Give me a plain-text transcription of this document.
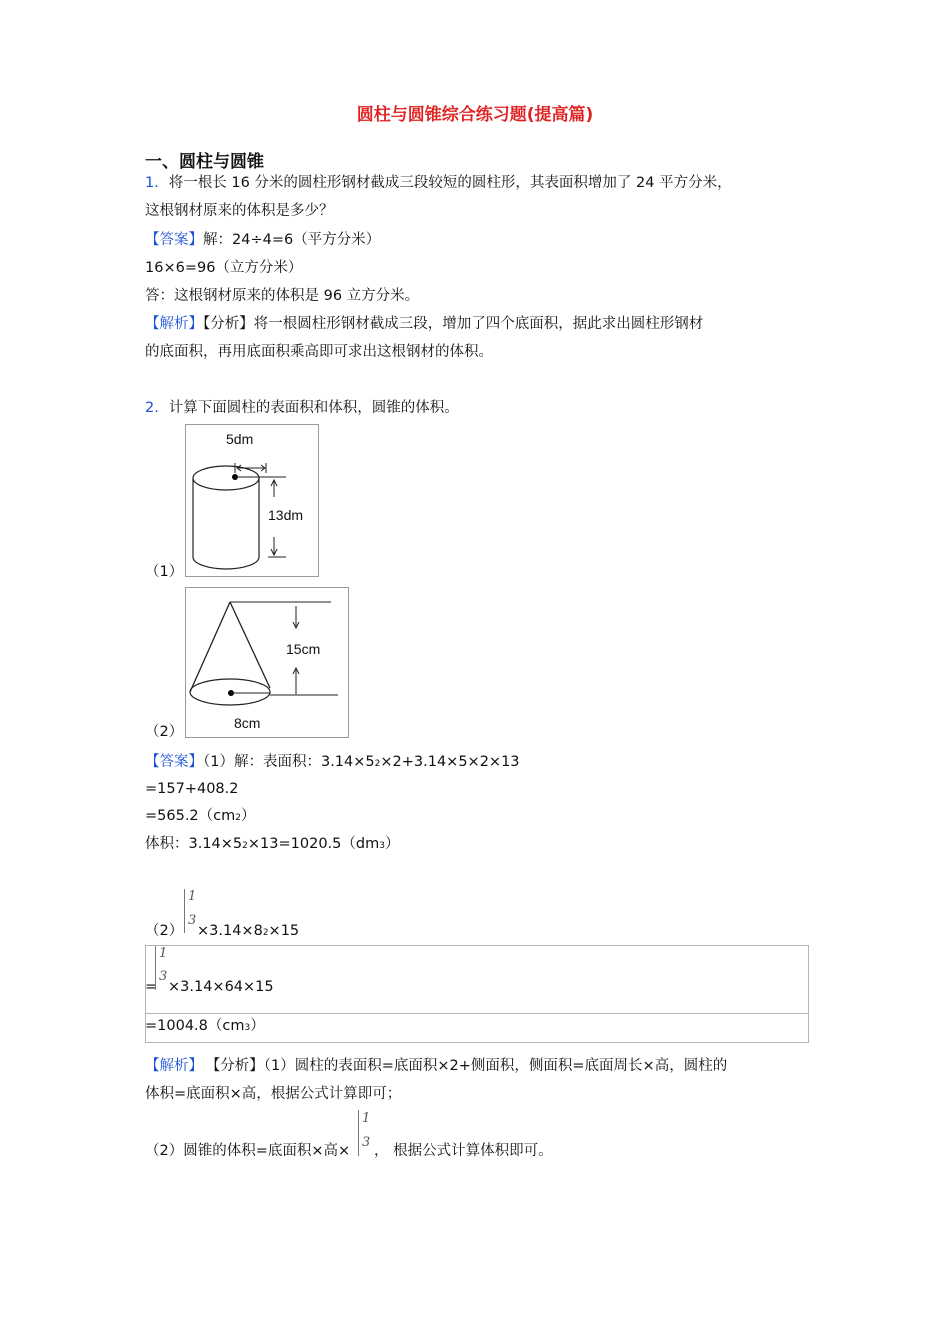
圆柱与圆锥综合练习题(提高篇)
一、圆柱与圆锥
1．将一根长 16 分米的圆柱形钢材截成三段较短的圆柱形，其表面积增加了 24 平方分米，
这根钢材原来的体积是多少？
【答案】解：24÷4=6（平方分米）
16×6=96（立方分米）
答：这根钢材原来的体积是 96 立方分米。
【解析】【分析】将一根圆柱形钢材截成三段，增加了四个底面积，据此求出圆柱形钢材
的底面积，再用底面积乘高即可求出这根钢材的体积。
2．计算下面圆柱的表面积和体积，圆锥的体积。
（1）
5dm
13dm
（2）
15cm
8cm
【答案】（1）解：表面积：3.14×52×2+3.14×5×2×13
=157+408.2
=565.2（cm2）
体积：3.14×52×13=1020.5（dm3）
（2）
1
3
×3.14×82×15
=
1
3
×3.14×64×15
=1004.8（cm3）
【解析】 【分析】（1）圆柱的表面积=底面积×2+侧面积，侧面积=底面周长×高，圆柱的
体积=底面积×高，根据公式计算即可；
（2）圆锥的体积=底面积×高×
1
3
， 根据公式计算体积即可。
